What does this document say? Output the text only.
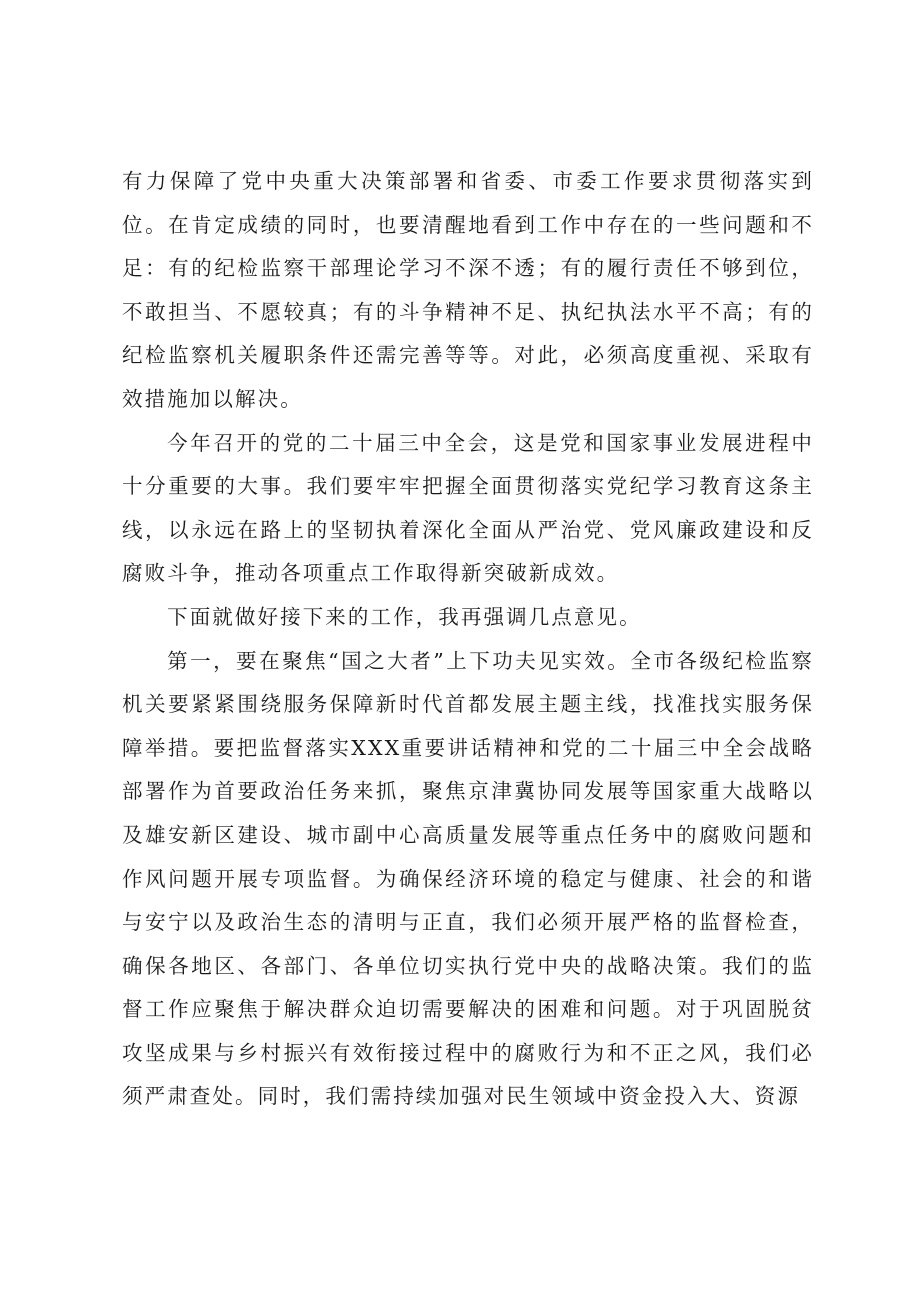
有力保障了党中央重大决策部署和省委、市委工作要求贯彻落实到位。在肯定成绩的同时，也要清醒地看到工作中存在的一些问题和不足：有的纪检监察干部理论学习不深不透；有的履行责任不够到位，不敢担当、不愿较真；有的斗争精神不足、执纪执法水平不高；有的纪检监察机关履职条件还需完善等等。对此，必须高度重视、采取有效措施加以解决。

今年召开的党的二十届三中全会，这是党和国家事业发展进程中十分重要的大事。我们要牢牢把握全面贯彻落实党纪学习教育这条主线，以永远在路上的坚韧执着深化全面从严治党、党风廉政建设和反腐败斗争，推动各项重点工作取得新突破新成效。

下面就做好接下来的工作，我再强调几点意见。

第一，要在聚焦“国之大者”上下功夫见实效。全市各级纪检监察机关要紧紧围绕服务保障新时代首都发展主题主线，找准找实服务保障举措。要把监督落实XXX重要讲话精神和党的二十届三中全会战略部署作为首要政治任务来抓，聚焦京津冀协同发展等国家重大战略以及雄安新区建设、城市副中心高质量发展等重点任务中的腐败问题和作风问题开展专项监督。为确保经济环境的稳定与健康、社会的和谐与安宁以及政治生态的清明与正直，我们必须开展严格的监督检查，确保各地区、各部门、各单位切实执行党中央的战略决策。我们的监督工作应聚焦于解决群众迫切需要解决的困难和问题。对于巩固脱贫攻坚成果与乡村振兴有效衔接过程中的腐败行为和不正之风，我们必须严肃查处。同时，我们需持续加强对民生领域中资金投入大、资源
